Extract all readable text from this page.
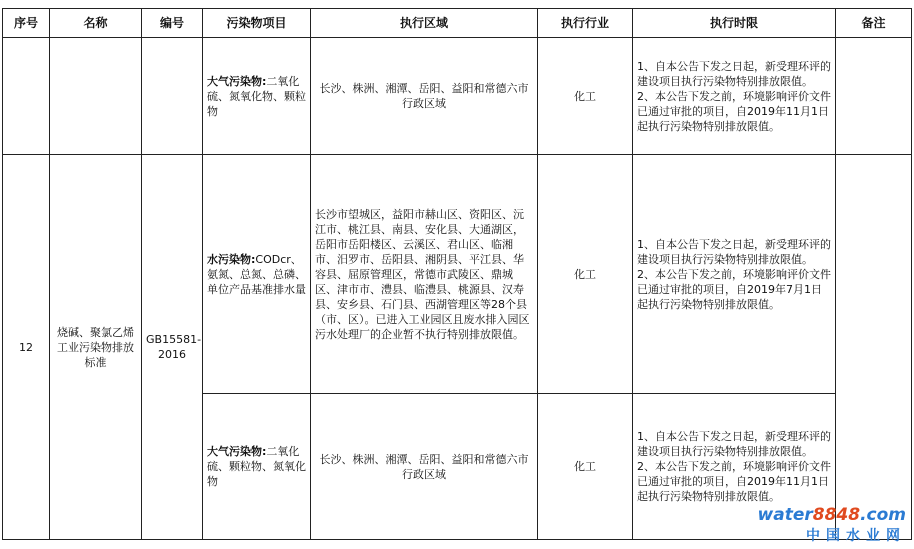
序号	名称	编号	污染物项目	执行区域	执行行业	执行时限	备注
			大气污染物:二氧化硫、氮氧化物、颗粒物	长沙、株洲、湘潭、岳阳、益阳和常德六市行政区域	化工	1、自本公告下发之日起，新受理环评的建设项目执行污染物特别排放限值。
2、本公告下发之前，环境影响评价文件已通过审批的项目，自2019年11月1日起执行污染物特别排放限值。	
12	烧碱、聚氯乙烯工业污染物排放标准	GB15581-2016	水污染物:CODcr、氨氮、总氮、总磷、单位产品基准排水量	长沙市望城区，益阳市赫山区、资阳区、沅江市、桃江县、南县、安化县、大通湖区，岳阳市岳阳楼区、云溪区、君山区、临湘市、汨罗市、岳阳县、湘阴县、平江县、华容县、屈原管理区，常德市武陵区、鼎城区、津市市、澧县、临澧县、桃源县、汉寿县、安乡县、石门县、西湖管理区等28个县（市、区）。已进入工业园区且废水排入园区污水处理厂的企业暂不执行特别排放限值。	化工	1、自本公告下发之日起，新受理环评的建设项目执行污染物特别排放限值。
2、本公告下发之前，环境影响评价文件已通过审批的项目，自2019年7月1日起执行污染物特别排放限值。	
			大气污染物:二氧化硫、颗粒物、氮氧化物	长沙、株洲、湘潭、岳阳、益阳和常德六市行政区域	化工	1、自本公告下发之日起，新受理环评的建设项目执行污染物特别排放限值。
2、本公告下发之前，环境影响评价文件已通过审批的项目，自2019年11月1日起执行污染物特别排放限值。	
water8848.com
中国水业网
